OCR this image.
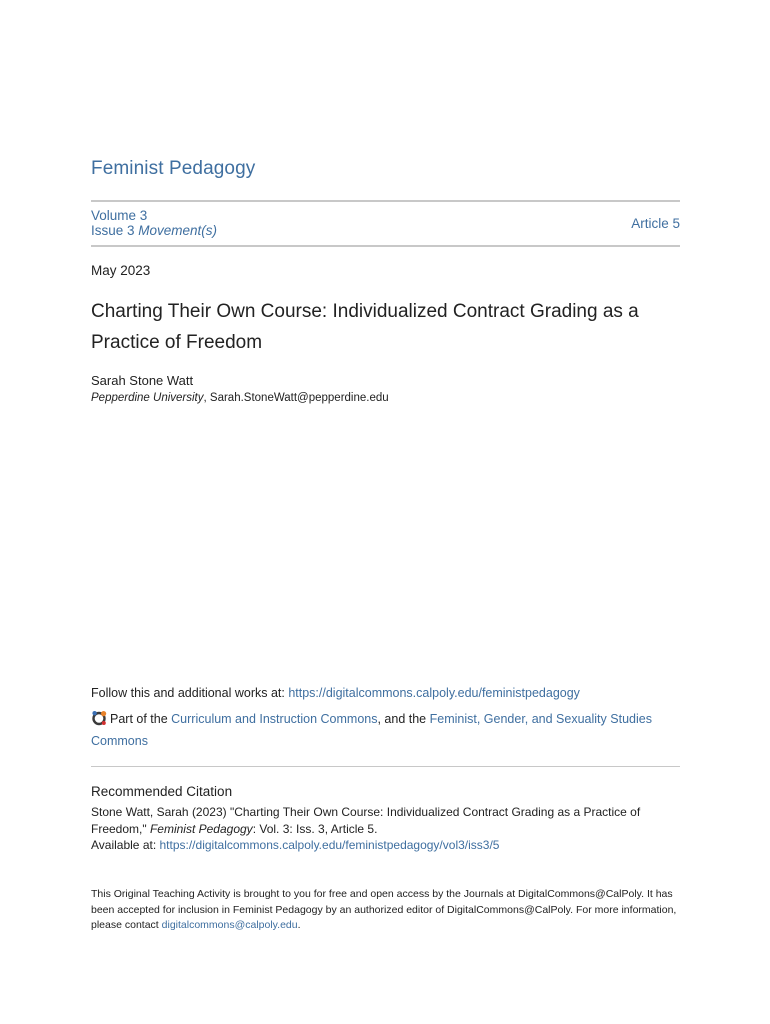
Feminist Pedagogy
Volume 3
Issue 3 Movement(s)	Article 5
May 2023
Charting Their Own Course: Individualized Contract Grading as a Practice of Freedom
Sarah Stone Watt
Pepperdine University, Sarah.StoneWatt@pepperdine.edu
Follow this and additional works at: https://digitalcommons.calpoly.edu/feministpedagogy
Part of the Curriculum and Instruction Commons, and the Feminist, Gender, and Sexuality Studies Commons
Recommended Citation
Stone Watt, Sarah (2023) "Charting Their Own Course: Individualized Contract Grading as a Practice of Freedom," Feminist Pedagogy: Vol. 3: Iss. 3, Article 5.
Available at: https://digitalcommons.calpoly.edu/feministpedagogy/vol3/iss3/5
This Original Teaching Activity is brought to you for free and open access by the Journals at DigitalCommons@CalPoly. It has been accepted for inclusion in Feminist Pedagogy by an authorized editor of DigitalCommons@CalPoly. For more information, please contact digitalcommons@calpoly.edu.
